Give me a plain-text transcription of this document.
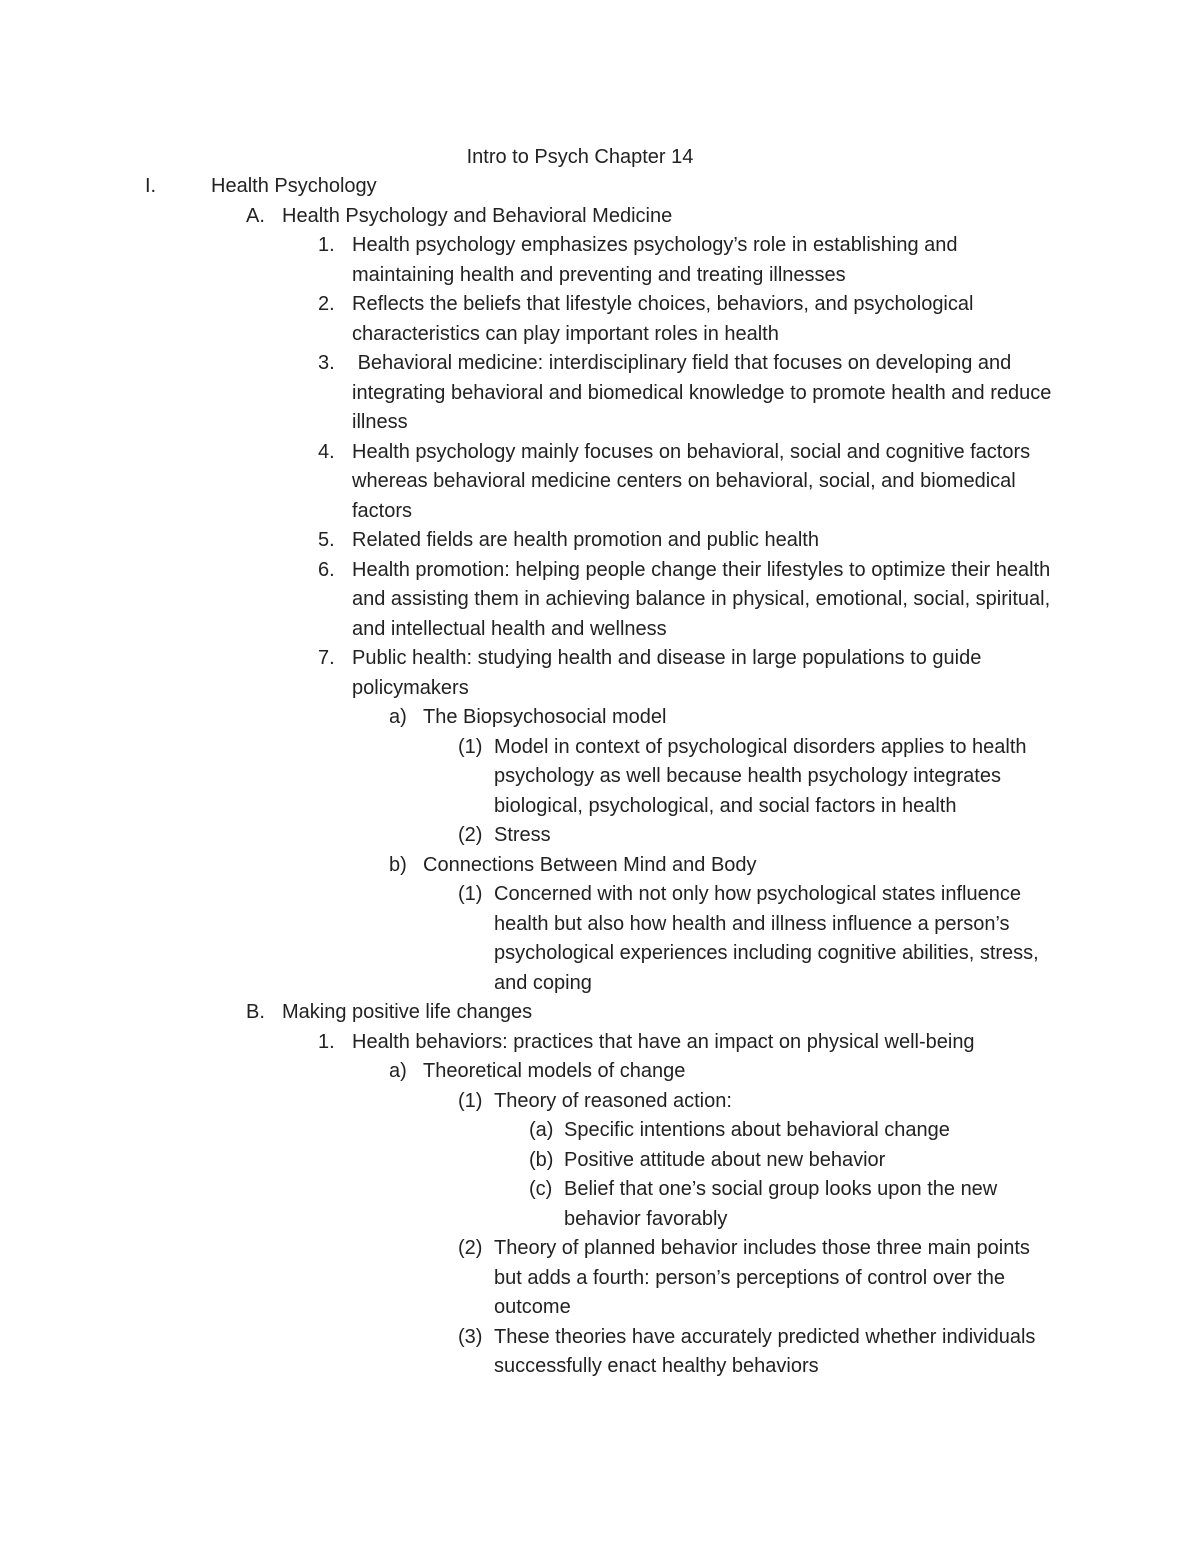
Intro to Psych Chapter 14
I.	Health Psychology
A. Health Psychology and Behavioral Medicine
1. Health psychology emphasizes psychology’s role in establishing and maintaining health and preventing and treating illnesses
2. Reflects the beliefs that lifestyle choices, behaviors, and psychological characteristics can play important roles in health
3. Behavioral medicine: interdisciplinary field that focuses on developing and integrating behavioral and biomedical knowledge to promote health and reduce illness
4. Health psychology mainly focuses on behavioral, social and cognitive factors whereas behavioral medicine centers on behavioral, social, and biomedical factors
5. Related fields are health promotion and public health
6. Health promotion: helping people change their lifestyles to optimize their health and assisting them in achieving balance in physical, emotional, social, spiritual, and intellectual health and wellness
7. Public health: studying health and disease in large populations to guide policymakers
a) The Biopsychosocial model
(1) Model in context of psychological disorders applies to health psychology as well because health psychology integrates biological, psychological, and social factors in health
(2) Stress
b) Connections Between Mind and Body
(1) Concerned with not only how psychological states influence health but also how health and illness influence a person’s psychological experiences including cognitive abilities, stress, and coping
B. Making positive life changes
1. Health behaviors: practices that have an impact on physical well-being
a) Theoretical models of change
(1) Theory of reasoned action:
(a) Specific intentions about behavioral change
(b) Positive attitude about new behavior
(c) Belief that one’s social group looks upon the new behavior favorably
(2) Theory of planned behavior includes those three main points but adds a fourth: person’s perceptions of control over the outcome
(3) These theories have accurately predicted whether individuals successfully enact healthy behaviors
